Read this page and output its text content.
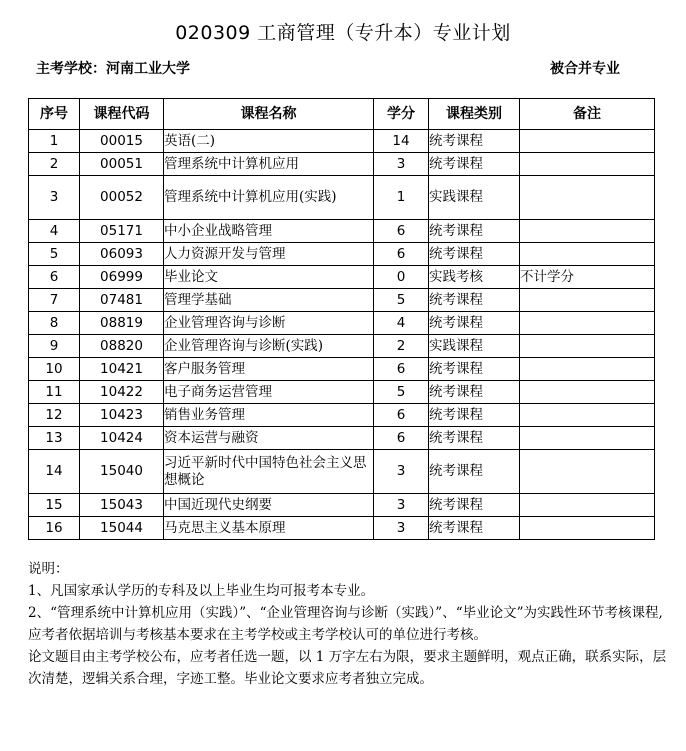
020309 工商管理（专升本）专业计划
主考学校：河南工业大学	被合并专业
序号	课程代码	课程名称	学分	课程类别	备注
1	00015	英语(二)	14	统考课程	
2	00051	管理系统中计算机应用	3	统考课程	
3	00052	管理系统中计算机应用(实践)	1	实践课程	
4	05171	中小企业战略管理	6	统考课程	
5	06093	人力资源开发与管理	6	统考课程	
6	06999	毕业论文	0	实践考核	不计学分
7	07481	管理学基础	5	统考课程	
8	08819	企业管理咨询与诊断	4	统考课程	
9	08820	企业管理咨询与诊断(实践)	2	实践课程	
10	10421	客户服务管理	6	统考课程	
11	10422	电子商务运营管理	5	统考课程	
12	10423	销售业务管理	6	统考课程	
13	10424	资本运营与融资	6	统考课程	
14	15040	习近平新时代中国特色社会主义思想概论	3	统考课程	
15	15043	中国近现代史纲要	3	统考课程	
16	15044	马克思主义基本原理	3	统考课程	

说明：

1、凡国家承认学历的专科及以上毕业生均可报考本专业。

2、“管理系统中计算机应用（实践）”、“企业管理咨询与诊断（实践）”、“毕业论文”为实践性环节考核课程,应考者依据培训与考核基本要求在主考学校或主考学校认可的单位进行考核。

论文题目由主考学校公布，应考者任选一题，以 1 万字左右为限，要求主题鲜明，观点正确，联系实际，层次清楚，逻辑关系合理，字迹工整。毕业论文要求应考者独立完成。
